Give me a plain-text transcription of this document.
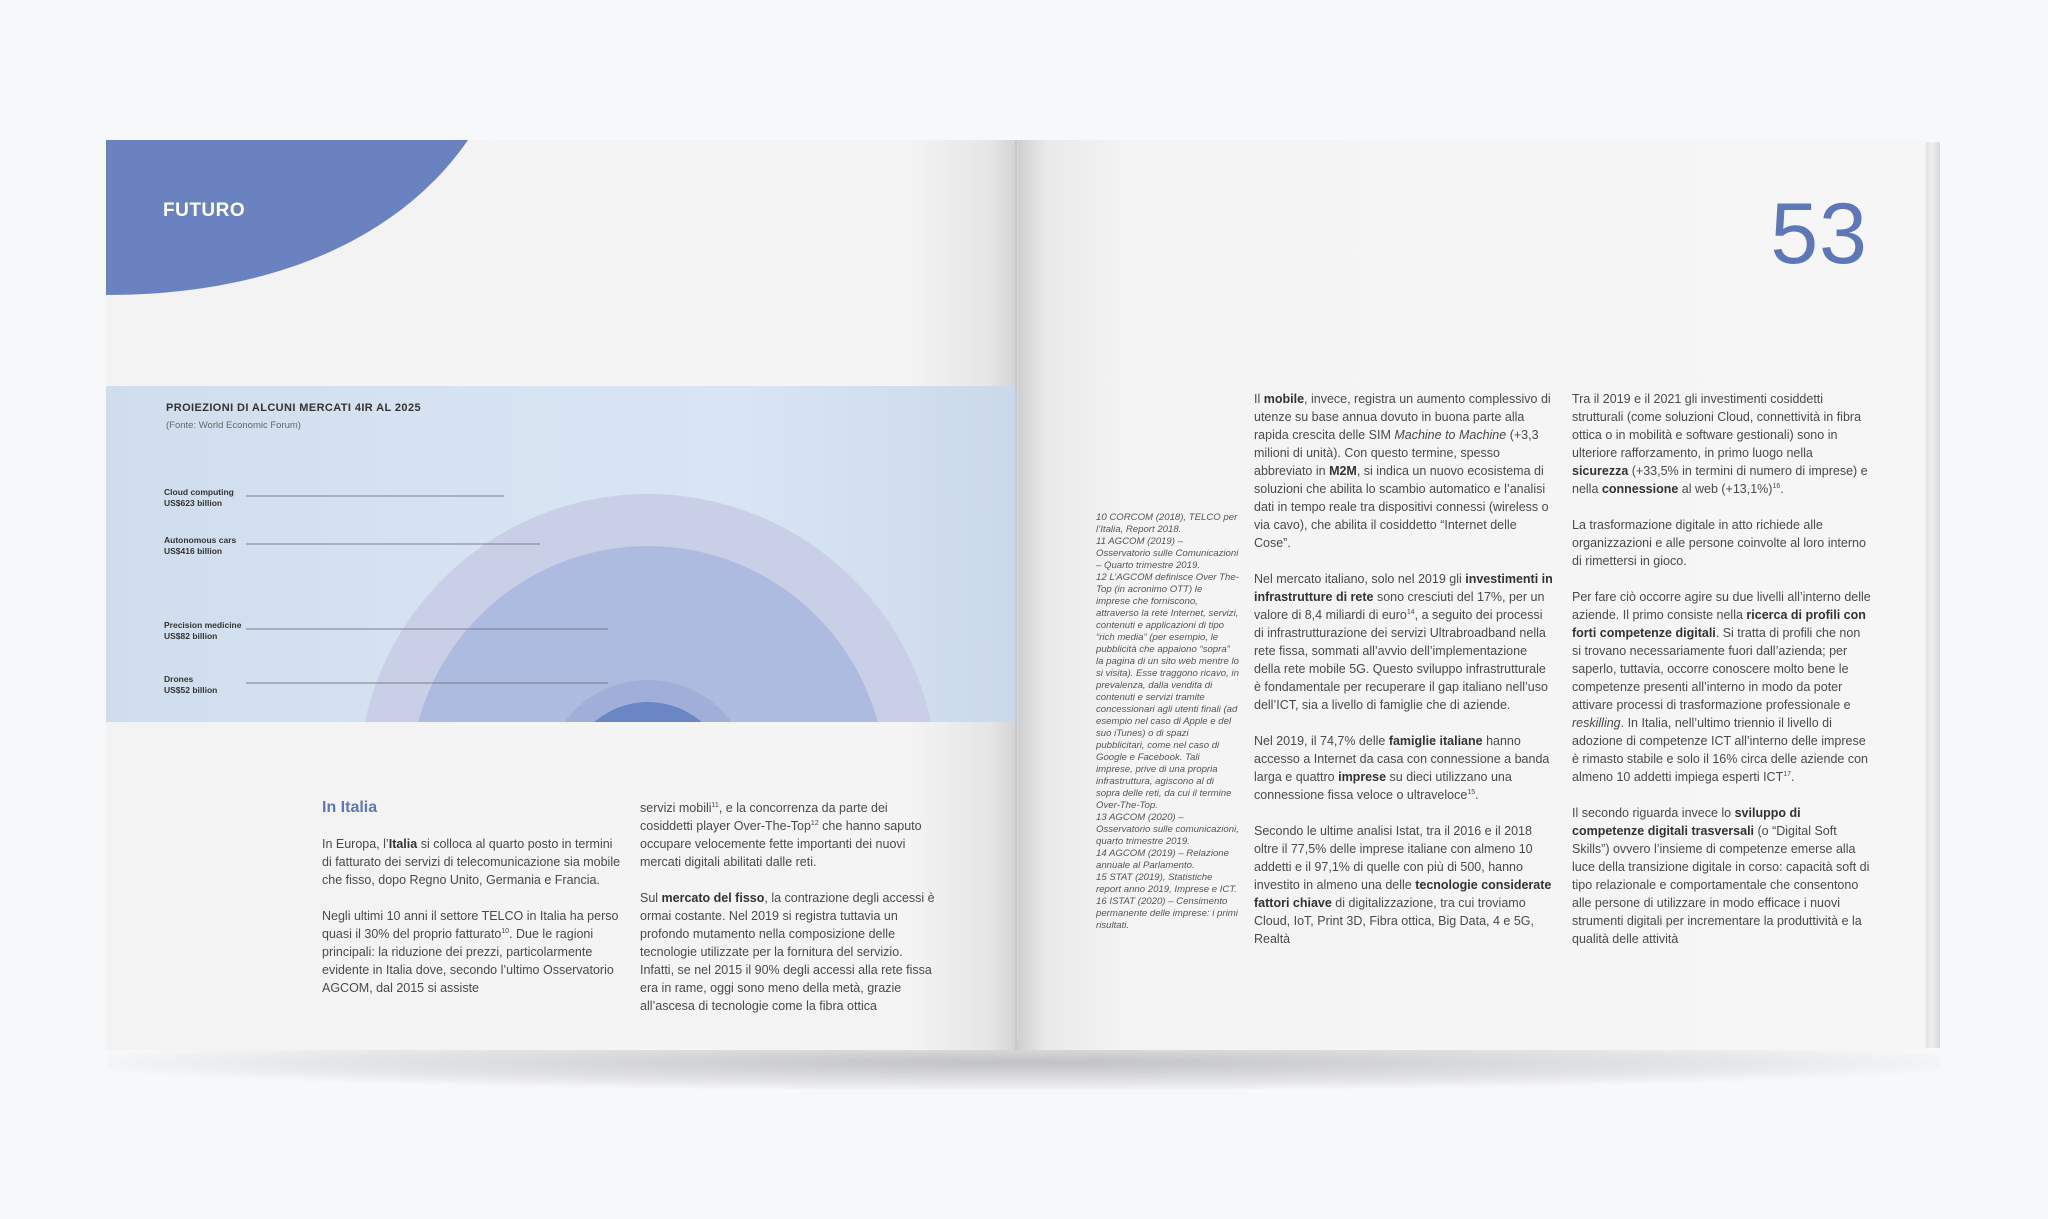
FUTURO
Cloud computing
US$623 billion
Autonomous cars
US$416 billion
Precision medicine
US$82 billion
Drones
US$52 billion
PROIEZIONI DI ALCUNI MERCATI 4IR AL 2025
(Fonte: World Economic Forum)
In Italia

In Europa, l’Italia si colloca al quarto posto in termini di fatturato dei servizi di telecomunicazione sia mobile che fisso, dopo Regno Unito, Germania e Francia.

Negli ultimi 10 anni il settore TELCO in Italia ha perso quasi il 30% del proprio fatturato$^{10}$. Due le ragioni principali: la riduzione dei prezzi, particolarmente evidente in Italia dove, secondo l’ultimo Osservatorio AGCOM, dal 2015 si assiste

servizi mobili$^{11}$, e la concorrenza da parte dei cosiddetti player Over-The-Top$^{12}$ che hanno saputo occupare velocemente fette importanti dei nuovi mercati digitali abilitati dalle reti.

Sul mercato del fisso, la contrazione degli accessi è ormai costante. Nel 2019 si registra tuttavia un profondo mutamento nella composizione delle tecnologie utilizzate per la fornitura del servizio. Infatti, se nel 2015 il 90% degli accessi alla rete fissa era in rame, oggi sono meno della metà, grazie all’ascesa di tecnologie come la fibra ottica

53
10 CORCOM (2018), TELCO per l’Italia, Report 2018.
11 AGCOM (2019) – Osservatorio sulle Comunicazioni – Quarto trimestre 2019.
12 L’AGCOM definisce Over The-Top (in acronimo OTT) le imprese che forniscono, attraverso la rete Internet, servizi, contenuti e applicazioni di tipo “rich media” (per esempio, le pubblicità che appaiono “sopra” la pagina di un sito web mentre lo si visita). Esse traggono ricavo, in prevalenza, dalla vendita di contenuti e servizi tramite concessionari agli utenti finali (ad esempio nel caso di Apple e del suo iTunes) o di spazi pubblicitari, come nel caso di Google e Facebook. Tali imprese, prive di una propria infrastruttura, agiscono al di sopra delle reti, da cui il termine Over-The-Top.
13 AGCOM (2020) – Osservatorio sulle comunicazioni, quarto trimestre 2019.
14 AGCOM (2019) – Relazione annuale al Parlamento.
15 STAT (2019), Statistiche report anno 2019, Imprese e ICT.
16 ISTAT (2020) – Censimento permanente delle imprese: i primi risultati.

Il mobile, invece, registra un aumento complessivo di utenze su base annua dovuto in buona parte alla rapida crescita delle SIM Machine to Machine (+3,3 milioni di unità). Con questo termine, spesso abbreviato in M2M, si indica un nuovo ecosistema di soluzioni che abilita lo scambio automatico e l’analisi dati in tempo reale tra dispositivi connessi (wireless o via cavo), che abilita il cosiddetto “Internet delle Cose”.

Nel mercato italiano, solo nel 2019 gli investimenti in infrastrutture di rete sono cresciuti del 17%, per un valore di 8,4 miliardi di euro$^{14}$, a seguito dei processi di infrastrutturazione dei servizi Ultrabroadband nella rete fissa, sommati all’avvio dell’implementazione della rete mobile 5G. Questo sviluppo infrastrutturale è fondamentale per recuperare il gap italiano nell’uso dell’ICT, sia a livello di famiglie che di aziende.

Nel 2019, il 74,7% delle famiglie italiane hanno accesso a Internet da casa con connessione a banda larga e quattro imprese su dieci utilizzano una connessione fissa veloce o ultraveloce$^{15}$.

Secondo le ultime analisi Istat, tra il 2016 e il 2018 oltre il 77,5% delle imprese italiane con almeno 10 addetti e il 97,1% di quelle con più di 500, hanno investito in almeno una delle tecnologie considerate fattori chiave di digitalizzazione, tra cui troviamo Cloud, IoT, Print 3D, Fibra ottica, Big Data, 4 e 5G, Realtà

Tra il 2019 e il 2021 gli investimenti cosiddetti strutturali (come soluzioni Cloud, connettività in fibra ottica o in mobilità e software gestionali) sono in ulteriore rafforzamento, in primo luogo nella sicurezza (+33,5% in termini di numero di imprese) e nella connessione al web $(+13,1\%)^{16}$.

La trasformazione digitale in atto richiede alle organizzazioni e alle persone coinvolte al loro interno di rimettersi in gioco.

Per fare ciò occorre agire su due livelli all’interno delle aziende. Il primo consiste nella ricerca di profili con forti competenze digitali. Si tratta di profili che non si trovano necessariamente fuori dall’azienda; per saperlo, tuttavia, occorre conoscere molto bene le competenze presenti all’interno in modo da poter attivare processi di trasformazione professionale e reskilling. In Italia, nell’ultimo triennio il livello di adozione di competenze ICT all’interno delle imprese è rimasto stabile e solo il 16% circa delle aziende con almeno 10 addetti impiega esperti ICT$^{17}$.

Il secondo riguarda invece lo sviluppo di competenze digitali trasversali (o “Digital Soft Skills”) ovvero l’insieme di competenze emerse alla luce della transizione digitale in corso: capacità soft di tipo relazionale e comportamentale che consentono alle persone di utilizzare in modo efficace i nuovi strumenti digitali per incrementare la produttività e la qualità delle attività
